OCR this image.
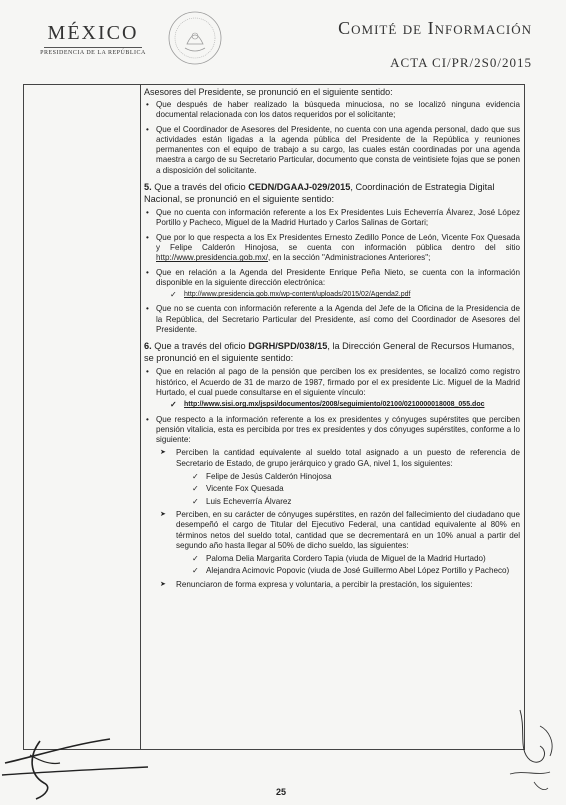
MÉXICO
PRESIDENCIA DE LA REPÚBLICA
Comité de Información
ACTA CI/PR/2S0/2015

Asesores del Presidente, se pronunció en el siguiente sentido:

• Que después de haber realizado la búsqueda minuciosa, no se localizó ninguna evidencia documental relacionada con los datos requeridos por el solicitante;
• Que el Coordinador de Asesores del Presidente, no cuenta con una agenda personal, dado que sus actividades están ligadas a la agenda pública del Presidente de la República y reuniones permanentes con el equipo de trabajo a su cargo, las cuales están coordinadas por una agenda maestra a cargo de su Secretario Particular, documento que consta de veintisiete fojas que se ponen a disposición del solicitante.

5. Que a través del oficio CEDN/DGAAJ-029/2015, Coordinación de Estrategia Digital Nacional, se pronunció en el siguiente sentido:

• Que no cuenta con información referente a los Ex Presidentes Luis Echeverría Álvarez, José López Portillo y Pacheco, Miguel de la Madrid Hurtado y Carlos Salinas de Gortari;
• Que por lo que respecta a los Ex Presidentes Ernesto Zedillo Ponce de León, Vicente Fox Quesada y Felipe Calderón Hinojosa, se cuenta con información pública dentro del sitio http://www.presidencia.gob.mx/, en la sección "Administraciones Anteriores";
• Que en relación a la Agenda del Presidente Enrique Peña Nieto, se cuenta con la información disponible en la siguiente dirección electrónica:
✓ http://www.presidencia.gob.mx/wp-content/uploads/2015/02/Agenda2.pdf
• Que no se cuenta con información referente a la Agenda del Jefe de la Oficina de la Presidencia de la República, del Secretario Particular del Presidente, así como del Coordinador de Asesores del Presidente.

6. Que a través del oficio DGRH/SPD/038/15, la Dirección General de Recursos Humanos, se pronunció en el siguiente sentido:

• Que en relación al pago de la pensión que perciben los ex presidentes, se localizó como registro histórico, el Acuerdo de 31 de marzo de 1987, firmado por el ex presidente Lic. Miguel de la Madrid Hurtado, el cual puede consultarse en el siguiente vínculo:
✓ http://www.sisi.org.mx/jspsi/documentos/2008/seguimiento/02100/0210000018008_055.doc
• Que respecto a la información referente a los ex presidentes y cónyuges supérstites que perciben pensión vitalicia, esta es percibida por tres ex presidentes y dos cónyuges supérstites, conforme a lo siguiente:
➤ Perciben la cantidad equivalente al sueldo total asignado a un puesto de referencia de Secretario de Estado, de grupo jerárquico y grado GA, nivel 1, los siguientes:
✓ Felipe de Jesús Calderón Hinojosa
✓ Vicente Fox Quesada
✓ Luis Echeverría Álvarez
➤ Perciben, en su carácter de cónyuges supérstites, en razón del fallecimiento del ciudadano que desempeñó el cargo de Titular del Ejecutivo Federal, una cantidad equivalente al 80% en términos netos del sueldo total, cantidad que se decrementará en un 10% anual a partir del segundo año hasta llegar al 50% de dicho sueldo, las siguientes:
✓ Paloma Delia Margarita Cordero Tapia (viuda de Miguel de la Madrid Hurtado)
✓ Alejandra Acimovic Popovic (viuda de José Guillermo Abel López Portillo y Pacheco)
➤ Renunciaron de forma expresa y voluntaria, a percibir la prestación, los siguientes:
25
